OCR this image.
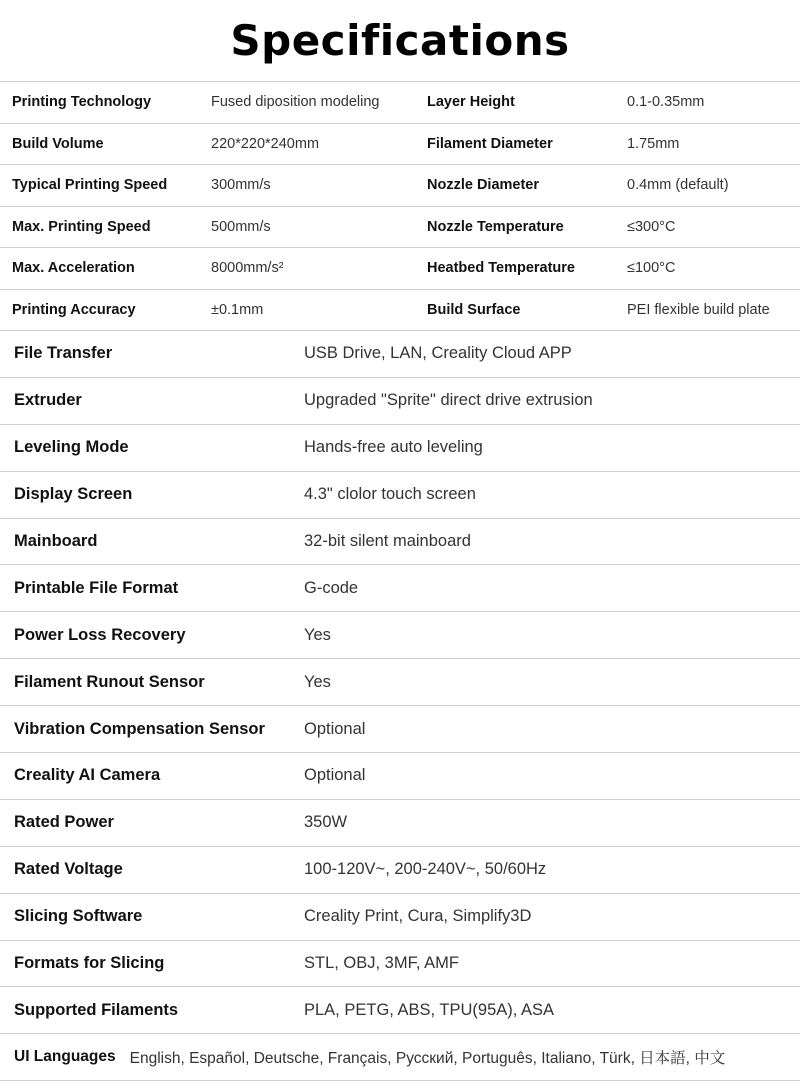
Specifications
Printing Technology	Fused diposition modeling	Layer Height	0.1-0.35mm
Build Volume	220*220*240mm	Filament Diameter	1.75mm
Typical Printing Speed	300mm/s	Nozzle Diameter	0.4mm (default)
Max. Printing Speed	500mm/s	Nozzle Temperature	≤300°C
Max. Acceleration	8000mm/s²	Heatbed Temperature	≤100°C
Printing Accuracy	±0.1mm	Build Surface	PEI flexible build plate
File Transfer	USB Drive, LAN, Creality Cloud APP
Extruder	Upgraded "Sprite" direct drive extrusion
Leveling Mode	Hands-free auto leveling
Display Screen	4.3" clolor touch screen
Mainboard	32-bit silent mainboard
Printable File Format	G-code
Power Loss Recovery	Yes
Filament Runout Sensor	Yes
Vibration Compensation Sensor	Optional
Creality AI Camera	Optional
Rated Power	350W
Rated Voltage	100-120V~, 200-240V~, 50/60Hz
Slicing Software	Creality Print, Cura, Simplify3D
Formats for Slicing	STL, OBJ, 3MF, AMF
Supported Filaments	PLA, PETG, ABS, TPU(95A), ASA
UI Languages English, Español, Deutsche, Français, Русский, Português, Italiano, Türk, 日本語, 中文
